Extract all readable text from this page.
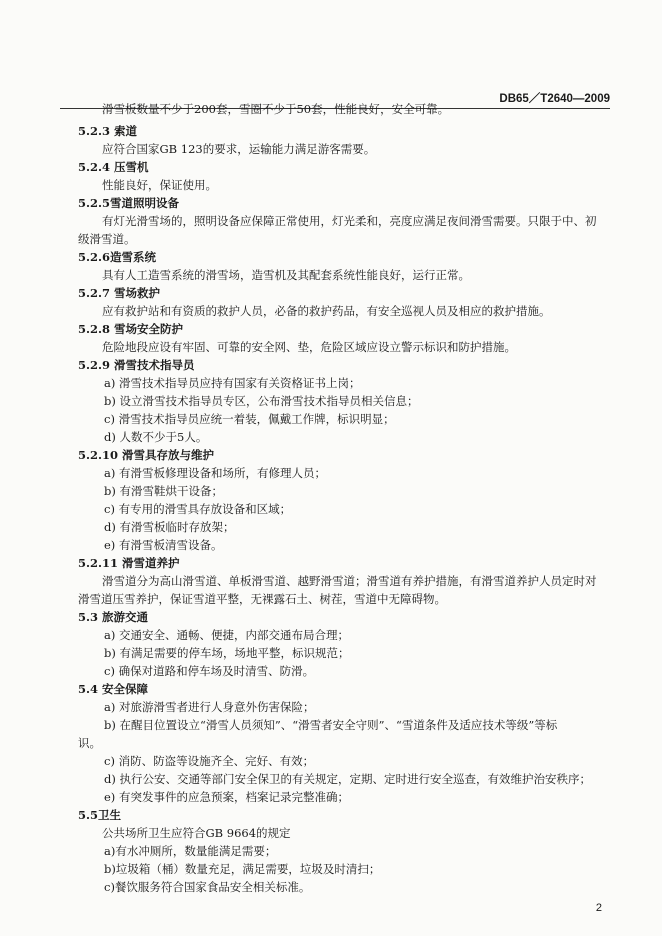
DB65／T2640—2009
滑雪板数量不少于200套，雪圈不少于50套，性能良好，安全可靠。
5.2.3 索道
应符合国家GB 123的要求，运输能力满足游客需要。
5.2.4 压雪机
性能良好，保证使用。
5.2.5雪道照明设备
有灯光滑雪场的，照明设备应保障正常使用，灯光柔和，亮度应满足夜间滑雪需要。只限于中、初
级滑雪道。
5.2.6造雪系统
具有人工造雪系统的滑雪场，造雪机及其配套系统性能良好，运行正常。
5.2.7 雪场救护
应有救护站和有资质的救护人员，必备的救护药品，有安全巡视人员及相应的救护措施。
5.2.8 雪场安全防护
危险地段应设有牢固、可靠的安全网、垫，危险区域应设立警示标识和防护措施。
5.2.9 滑雪技术指导员
a) 滑雪技术指导员应持有国家有关资格证书上岗；
b) 设立滑雪技术指导员专区，公布滑雪技术指导员相关信息；
c) 滑雪技术指导员应统一着装，佩戴工作牌，标识明显；
d) 人数不少于5人。
5.2.10 滑雪具存放与维护
a) 有滑雪板修理设备和场所，有修理人员；
b) 有滑雪鞋烘干设备；
c) 有专用的滑雪具存放设备和区域；
d) 有滑雪板临时存放架；
e) 有滑雪板清雪设备。
5.2.11 滑雪道养护
滑雪道分为高山滑雪道、单板滑雪道、越野滑雪道；滑雪道有养护措施，有滑雪道养护人员定时对
滑雪道压雪养护，保证雪道平整，无裸露石土、树茬，雪道中无障碍物。
5.3 旅游交通
a) 交通安全、通畅、便捷，内部交通布局合理；
b) 有满足需要的停车场，场地平整，标识规范；
c) 确保对道路和停车场及时清雪、防滑。
5.4 安全保障
a) 对旅游滑雪者进行人身意外伤害保险；
b) 在醒目位置设立“滑雪人员须知”、“滑雪者安全守则”、“雪道条件及适应技术等级”等标
识。
c) 消防、防盗等设施齐全、完好、有效；
d) 执行公安、交通等部门安全保卫的有关规定，定期、定时进行安全巡查，有效维护治安秩序；
e) 有突发事件的应急预案，档案记录完整准确；
5.5卫生
公共场所卫生应符合GB 9664的规定
a)有水冲厕所，数量能满足需要；
b)垃圾箱（桶）数量充足，满足需要，垃圾及时清扫；
c)餐饮服务符合国家食品安全相关标准。
2
